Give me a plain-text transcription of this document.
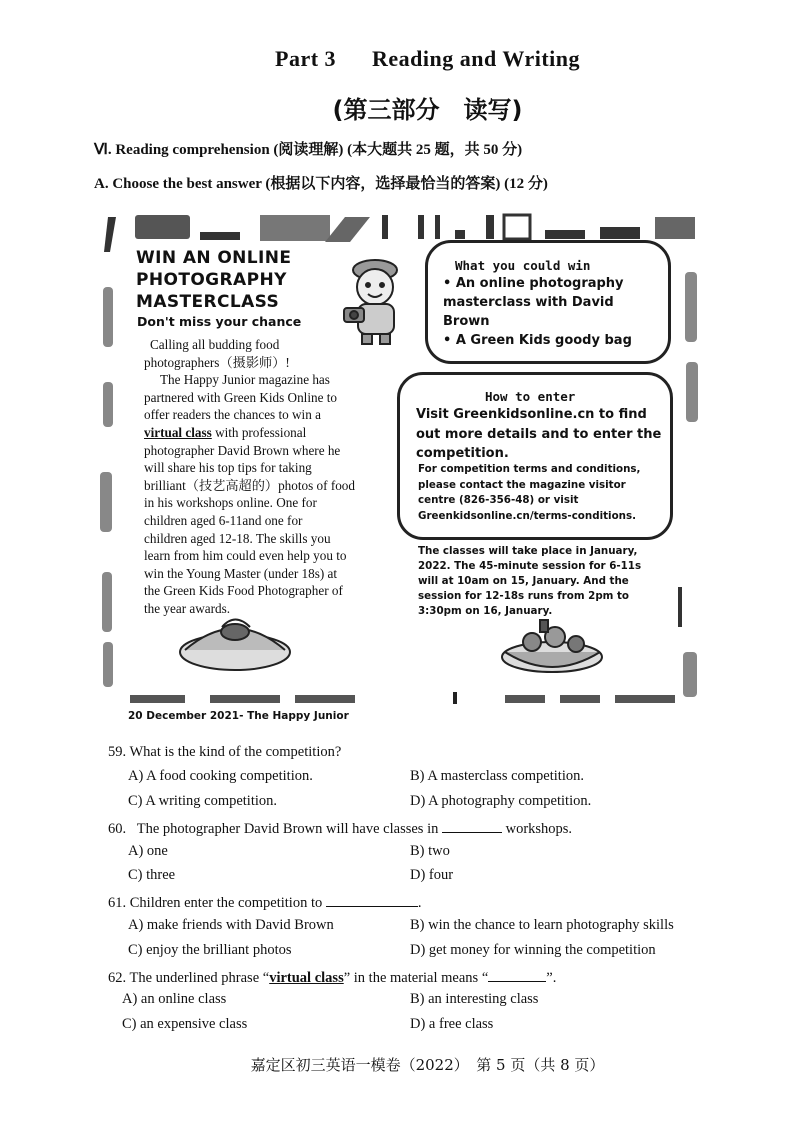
Part 3 Reading and Writing
(第三部分　读写)
Ⅵ. Reading comprehension (阅读理解) (本大题共 25 题，共 50 分)
A. Choose the best answer (根据以下内容，选择最恰当的答案) (12 分)
WIN AN ONLINE
PHOTOGRAPHY
MASTERCLASS
Don't miss your chance

Calling all budding food

photographers（摄影师）!

The Happy Junior magazine has

partnered with Green Kids Online to

offer readers the chances to win a

virtual class with professional

photographer David Brown where he

will share his top tips for taking

brilliant（技艺高超的）photos of food

in his workshops online. One for

children aged 6-11and one for

children aged 12-18. The skills you

learn from him could even help you to

win the Young Master (under 18s) at

the Green Kids Food Photographer of

the year awards.

What you could win
• An online photography masterclass with David Brown
• A Green Kids goody bag
How to enter
Visit Greenkidsonline.cn to find out more details and to enter the competition.
For competition terms and conditions, please contact the magazine visitor centre (826-356-48) or visit Greenkidsonline.cn/terms-conditions.
The classes will take place in January, 2022. The 45-minute session for 6-11s will at 10am on 15, January. And the session for 12-18s runs from 2pm to 3:30pm on 16, January.
20 December 2021- The Happy Junior
59. What is the kind of the competition?
A) A food cooking competition.	B) A masterclass competition.
C) A writing competition.	D) A photography competition.
60.   The photographer David Brown will have classes in	workshops.
A) one	B) two
C) three	D) four
61. Children enter the competition to	.
A) make friends with David Brown	B) win the chance to learn photography skills
C) enjoy the brilliant photos	D) get money for winning the competition
62. The underlined phrase “virtual class” in the material means “	”.
A) an online class	B) an interesting class
C) an expensive class	D) a free class
嘉定区初三英语一模卷（2022）　第 5 页（共 8 页）
